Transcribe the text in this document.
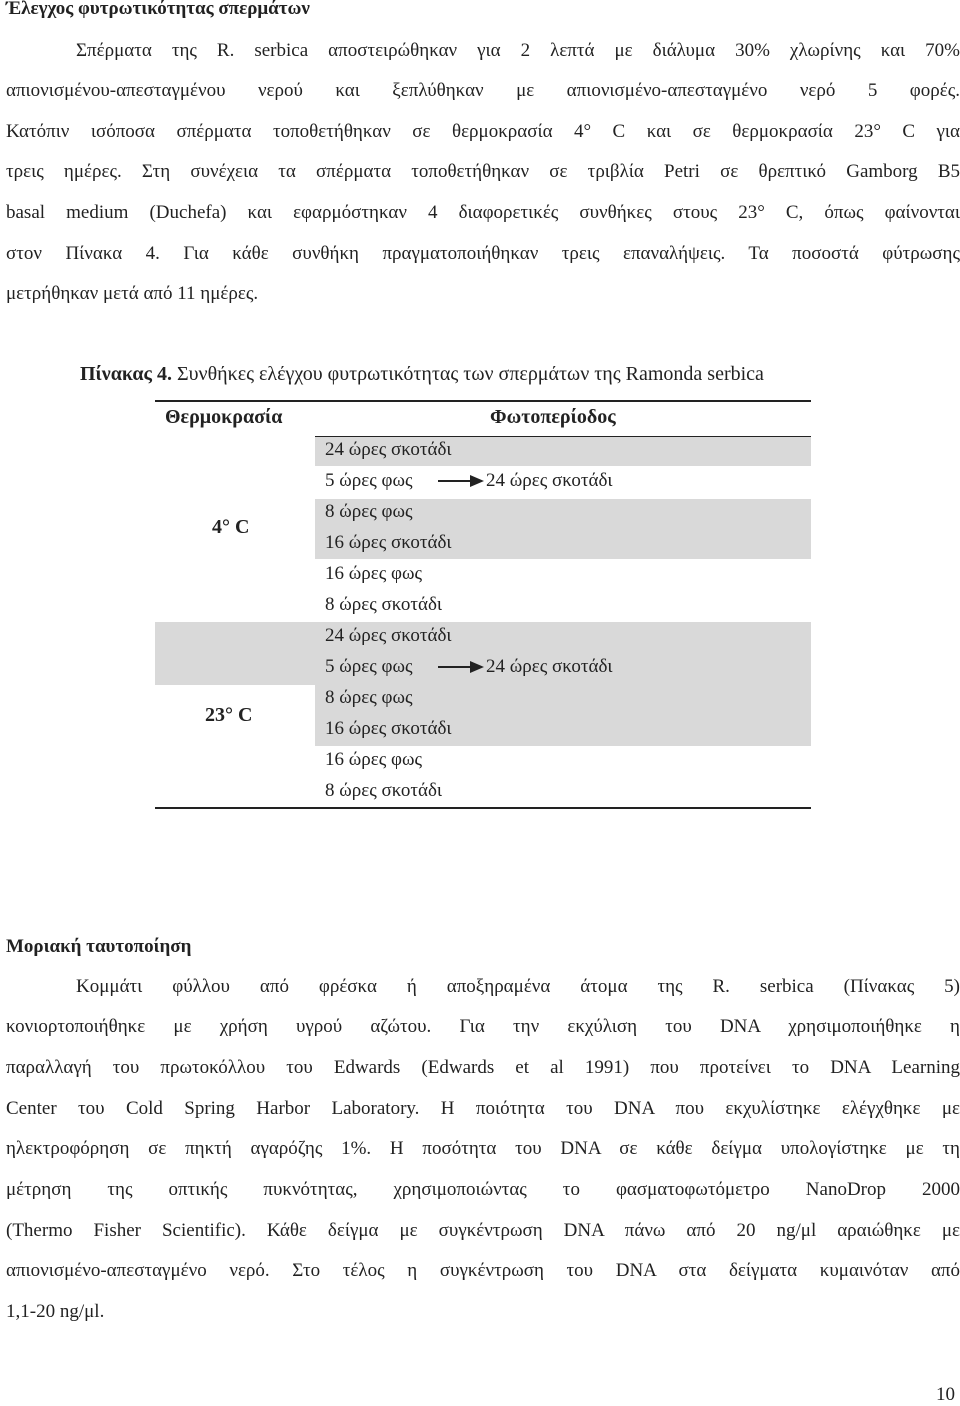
Έλεγχος φυτρωτικότητας σπερμάτων
Σπέρματα της R. serbica αποστειρώθηκαν για 2 λεπτά με διάλυμα 30% χλωρίνης και 70%
απιονισμένου-απεσταγμένου νερού και ξεπλύθηκαν με απιονισμένο-απεσταγμένο νερό 5 φορές.
Κατόπιν ισόποσα σπέρματα τοποθετήθηκαν σε θερμοκρασία 4° C και σε θερμοκρασία 23° C για
τρεις ημέρες. Στη συνέχεια τα σπέρματα τοποθετήθηκαν σε τριβλία Petri σε θρεπτικό Gamborg B5
basal medium (Duchefa) και εφαρμόστηκαν 4 διαφορετικές συνθήκες στους 23° C, όπως φαίνονται
στον Πίνακα 4. Για κάθε συνθήκη πραγματοποιήθηκαν τρεις επαναλήψεις. Τα ποσοστά φύτρωσης
μετρήθηκαν μετά από 11 ημέρες.
Πίνακας 4. Συνθήκες ελέγχου φυτρωτικότητας των σπερμάτων της Ramonda serbica
Θερμοκρασία	Φωτοπερίοδος
4° C
24 ώρες σκοτάδι
5 ώρες φως	24 ώρες σκοτάδι
8 ώρες φως
16 ώρες σκοτάδι
16 ώρες φως
8 ώρες σκοτάδι
23° C
24 ώρες σκοτάδι
5 ώρες φως	24 ώρες σκοτάδι
8 ώρες φως
16 ώρες σκοτάδι
16 ώρες φως
8 ώρες σκοτάδι
Μοριακή ταυτοποίηση
Κομμάτι φύλλου από φρέσκα ή αποξηραμένα άτομα της R. serbica (Πίνακας 5)
κονιορτοποιήθηκε με χρήση υγρού αζώτου. Για την εκχύλιση του DNA χρησιμοποιήθηκε η
παραλλαγή του πρωτοκόλλου του Edwards (Edwards et al 1991) που προτείνει το DNA Learning
Center του Cold Spring Harbor Laboratory. Η ποιότητα του DNA που εκχυλίστηκε ελέγχθηκε με
ηλεκτροφόρηση σε πηκτή αγαρόζης 1%. Η ποσότητα του DNA σε κάθε δείγμα υπολογίστηκε με τη
μέτρηση της οπτικής πυκνότητας, χρησιμοποιώντας το φασματοφωτόμετρο NanoDrop 2000
(Thermo Fisher Scientific). Κάθε δείγμα με συγκέντρωση DNA πάνω από 20 ng/μl αραιώθηκε με
απιονισμένο-απεσταγμένο νερό. Στο τέλος η συγκέντρωση του DNA στα δείγματα κυμαινόταν από
1,1-20 ng/μl.
10
